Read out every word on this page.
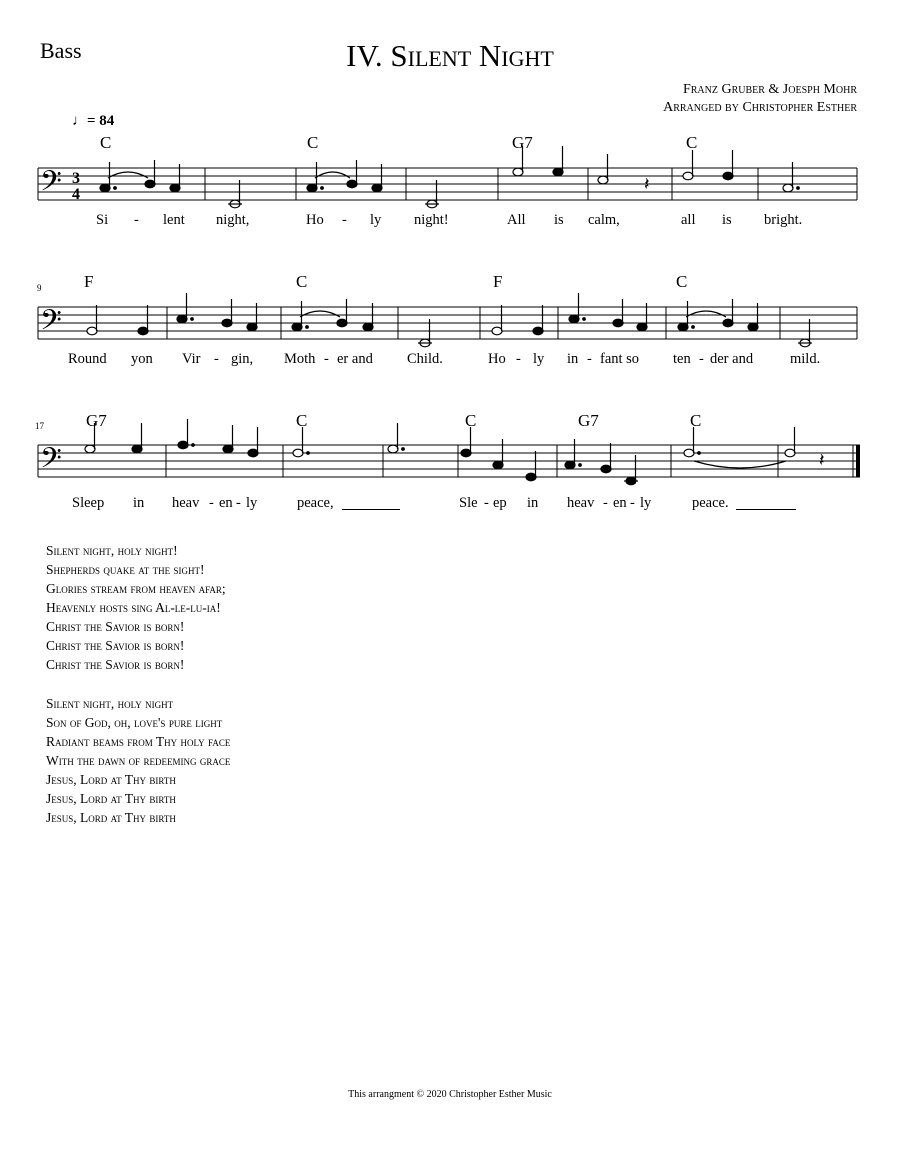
Bass	IV. Silent Night
Franz Gruber & Joesph Mohr
Arranged by Christopher Esther
♩= 84
C	C	G7	C
𝄢 3
4	𝄽
Si - lent night,	Ho - ly night!	All is calm,	all is bright.
9	F	C	F	C
𝄢
Round yon Vir - gin, Moth - er and Child.	Ho - ly in - fant so ten - der and	mild.
17 G7	C	C	G7	C
𝄢	𝄽
Sleep in heav - en - ly	peace,	Sle - ep in heav - en - ly	peace.
Silent night, holy night!
Shepherds quake at the sight!
Glories stream from heaven afar;
Heavenly hosts sing Al-le-lu-ia!
Christ the Savior is born!
Christ the Savior is born!
Christ the Savior is born!
Silent night, holy night
Son of God, oh, love's pure light
Radiant beams from Thy holy face
With the dawn of redeeming grace
Jesus, Lord at Thy birth
Jesus, Lord at Thy birth
Jesus, Lord at Thy birth
This arrangment © 2020 Christopher Esther Music
